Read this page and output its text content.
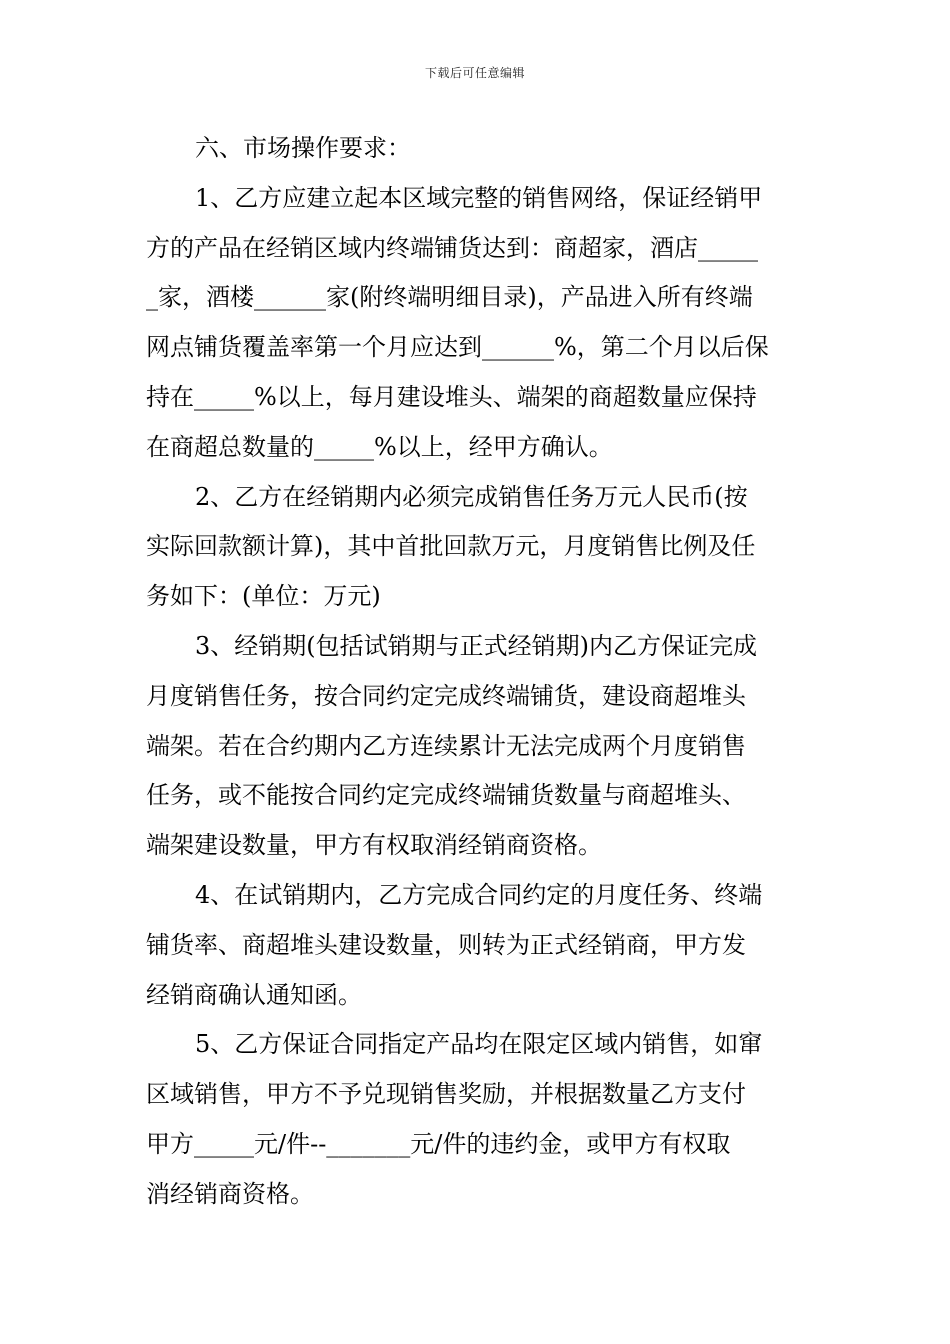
下载后可任意编辑
六、市场操作要求：
1、乙方应建立起本区域完整的销售网络，保证经销甲
方的产品在经销区域内终端铺货达到：商超家，酒店_____
_家，酒楼______家(附终端明细目录)，产品进入所有终端
网点铺货覆盖率第一个月应达到______%，第二个月以后保
持在_____%以上，每月建设堆头、端架的商超数量应保持
在商超总数量的_____%以上，经甲方确认。
2、乙方在经销期内必须完成销售任务万元人民币(按
实际回款额计算)，其中首批回款万元，月度销售比例及任
务如下：(单位：万元)
3、经销期(包括试销期与正式经销期)内乙方保证完成
月度销售任务，按合同约定完成终端铺货，建设商超堆头
端架。若在合约期内乙方连续累计无法完成两个月度销售
任务，或不能按合同约定完成终端铺货数量与商超堆头、
端架建设数量，甲方有权取消经销商资格。
4、在试销期内，乙方完成合同约定的月度任务、终端
铺货率、商超堆头建设数量，则转为正式经销商，甲方发
经销商确认通知函。
5、乙方保证合同指定产品均在限定区域内销售，如窜
区域销售，甲方不予兑现销售奖励，并根据数量乙方支付
甲方_____元/件--_______元/件的违约金，或甲方有权取
消经销商资格。
